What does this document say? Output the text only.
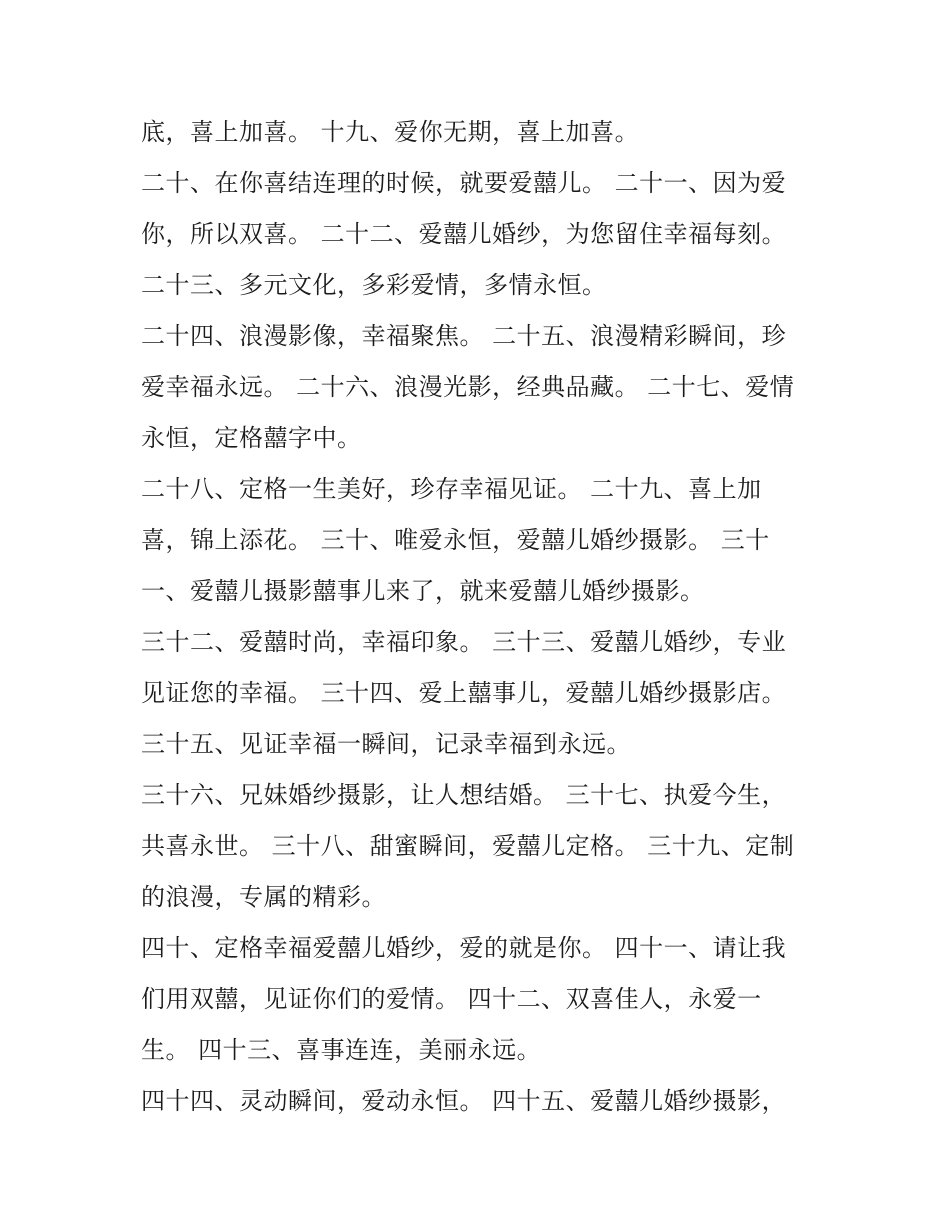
底，喜上加喜。 十九、爱你无期，喜上加喜。
二十、在你喜结连理的时候，就要爱囍儿。 二十一、因为爱
你，所以双喜。 二十二、爱囍儿婚纱，为您留住幸福每刻。
二十三、多元文化，多彩爱情，多情永恒。
二十四、浪漫影像，幸福聚焦。 二十五、浪漫精彩瞬间，珍
爱幸福永远。 二十六、浪漫光影，经典品藏。 二十七、爱情
永恒，定格囍字中。
二十八、定格一生美好，珍存幸福见证。 二十九、喜上加
喜，锦上添花。 三十、唯爱永恒，爱囍儿婚纱摄影。 三十
一、爱囍儿摄影囍事儿来了，就来爱囍儿婚纱摄影。
三十二、爱囍时尚，幸福印象。 三十三、爱囍儿婚纱，专业
见证您的幸福。 三十四、爱上囍事儿，爱囍儿婚纱摄影店。
三十五、见证幸福一瞬间，记录幸福到永远。
三十六、兄妹婚纱摄影，让人想结婚。 三十七、执爱今生，
共喜永世。 三十八、甜蜜瞬间，爱囍儿定格。 三十九、定制
的浪漫，专属的精彩。
四十、定格幸福爱囍儿婚纱，爱的就是你。 四十一、请让我
们用双囍，见证你们的爱情。 四十二、双喜佳人，永爱一
生。 四十三、喜事连连，美丽永远。
四十四、灵动瞬间，爱动永恒。 四十五、爱囍儿婚纱摄影，
